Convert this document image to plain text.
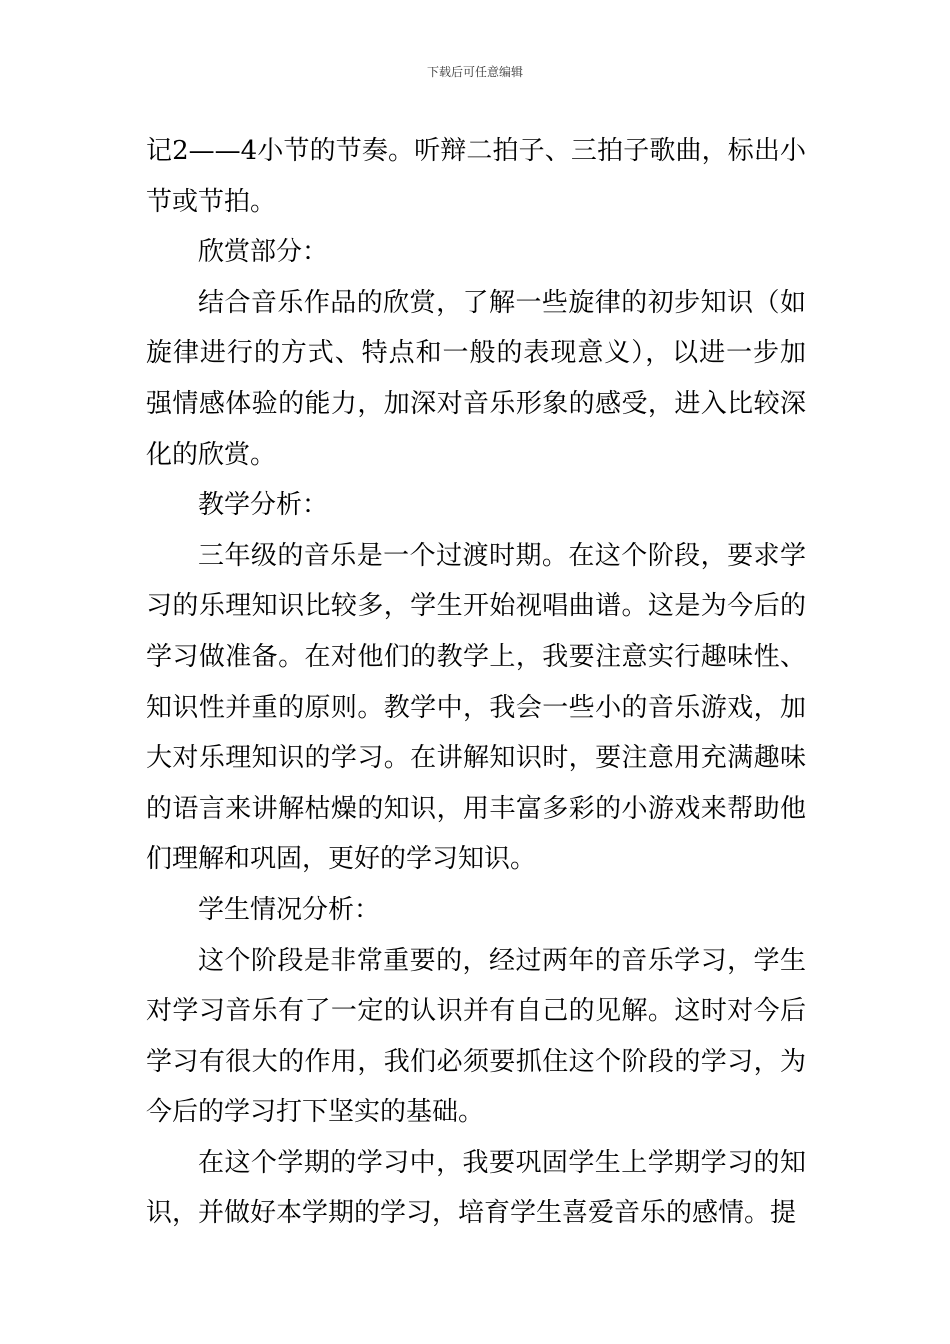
下载后可任意编辑

记2——4小节的节奏。听辩二拍子、三拍子歌曲，标出小节或节拍。

欣赏部分：

结合音乐作品的欣赏，了解一些旋律的初步知识（如旋律进行的方式、特点和一般的表现意义），以进一步加强情感体验的能力，加深对音乐形象的感受，进入比较深化的欣赏。

教学分析：

三年级的音乐是一个过渡时期。在这个阶段，要求学习的乐理知识比较多，学生开始视唱曲谱。这是为今后的学习做准备。在对他们的教学上，我要注意实行趣味性、知识性并重的原则。教学中，我会一些小的音乐游戏，加大对乐理知识的学习。在讲解知识时，要注意用充满趣味的语言来讲解枯燥的知识，用丰富多彩的小游戏来帮助他们理解和巩固，更好的学习知识。

学生情况分析：

这个阶段是非常重要的，经过两年的音乐学习，学生对学习音乐有了一定的认识并有自己的见解。这时对今后学习有很大的作用，我们必须要抓住这个阶段的学习，为今后的学习打下坚实的基础。

在这个学期的学习中，我要巩固学生上学期学习的知识，并做好本学期的学习，培育学生喜爱音乐的感情。提
